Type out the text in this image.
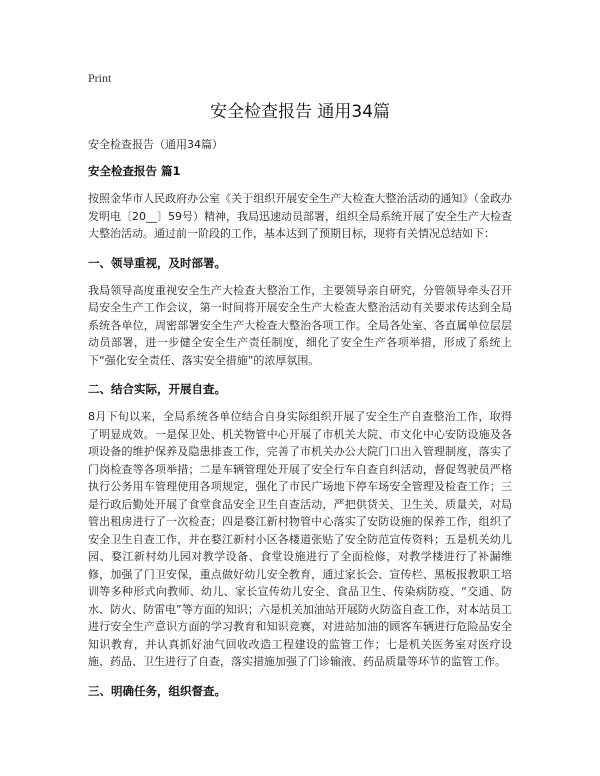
Print
安全检查报告 通用34篇
安全检查报告（通用34篇）
安全检查报告 篇1

按照金华市人民政府办公室《关于组织开展安全生产大检查大整治活动的通知》（金政办发明电〔20__〕59号）精神，我局迅速动员部署，组织全局系统开展了安全生产大检查大整治活动。通过前一阶段的工作，基本达到了预期目标，现将有关情况总结如下：

一、领导重视，及时部署。

我局领导高度重视安全生产大检查大整治工作，主要领导亲自研究，分管领导牵头召开局安全生产工作会议，第一时间将开展安全生产大检查大整治活动有关要求传达到全局系统各单位，周密部署安全生产大检查大整治各项工作。全局各处室、各直属单位层层动员部署，进一步健全安全生产责任制度，细化了安全生产各项举措，形成了系统上下“强化安全责任、落实安全措施”的浓厚氛围。

二、结合实际，开展自查。

8月下旬以来，全局系统各单位结合自身实际组织开展了安全生产自查整治工作，取得了明显成效。一是保卫处、机关物管中心开展了市机关大院、市文化中心安防设施及各项设备的维护保养及隐患排查工作，完善了市机关办公大院门口出入管理制度，落实了门岗检查等各项举措；二是车辆管理处开展了安全行车自查自纠活动，督促驾驶员严格执行公务用车管理使用各项规定，强化了市民广场地下停车场安全管理及检查工作；三是行政后勤处开展了食堂食品安全卫生自查活动，严把供货关、卫生关、质量关，对局管出租房进行了一次检查；四是婺江新村物管中心落实了安防设施的保养工作，组织了安全卫生自查工作，并在婺江新村小区各楼道张贴了安全防范宣传资料；五是机关幼儿园、婺江新村幼儿园对教学设备、食堂设施进行了全面检修，对教学楼进行了补漏维修，加强了门卫安保，重点做好幼儿安全教育，通过家长会、宣传栏、黑板报教职工培训等多种形式向教师、幼儿、家长宣传幼儿安全、食品卫生、传染病防疫、“交通、防水、防火、防雷电”等方面的知识；六是机关加油站开展防火防盗自查工作，对本站员工进行安全生产意识方面的学习教育和知识竞赛，对进站加油的顾客车辆进行危险品安全知识教育，并认真抓好油气回收改造工程建设的监管工作；七是机关医务室对医疗设施、药品、卫生进行了自查，落实措施加强了门诊输液、药品质量等环节的监管工作。

三、明确任务，组织督查。
